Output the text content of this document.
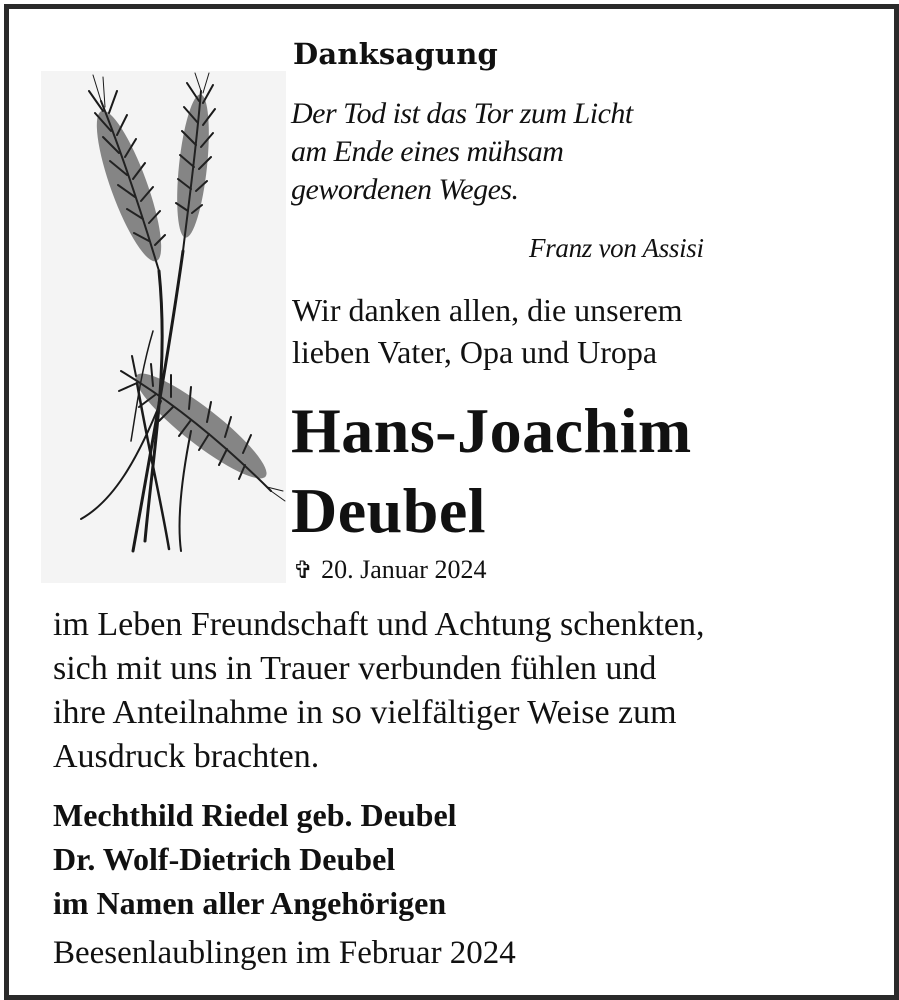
Danksagung
Der Tod ist das Tor zum Licht
am Ende eines mühsam
gewordenen Weges.
Franz von Assisi
Wir danken allen, die unserem
lieben Vater, Opa und Uropa
Hans-Joachim
Deubel
✞ 20. Januar 2024
im Leben Freundschaft und Achtung schenkten,
sich mit uns in Trauer verbunden fühlen und
ihre Anteilnahme in so vielfältiger Weise zum
Ausdruck brachten.
Mechthild Riedel geb. Deubel
Dr. Wolf-Dietrich Deubel
im Namen aller Angehörigen
Beesenlaublingen im Februar 2024
